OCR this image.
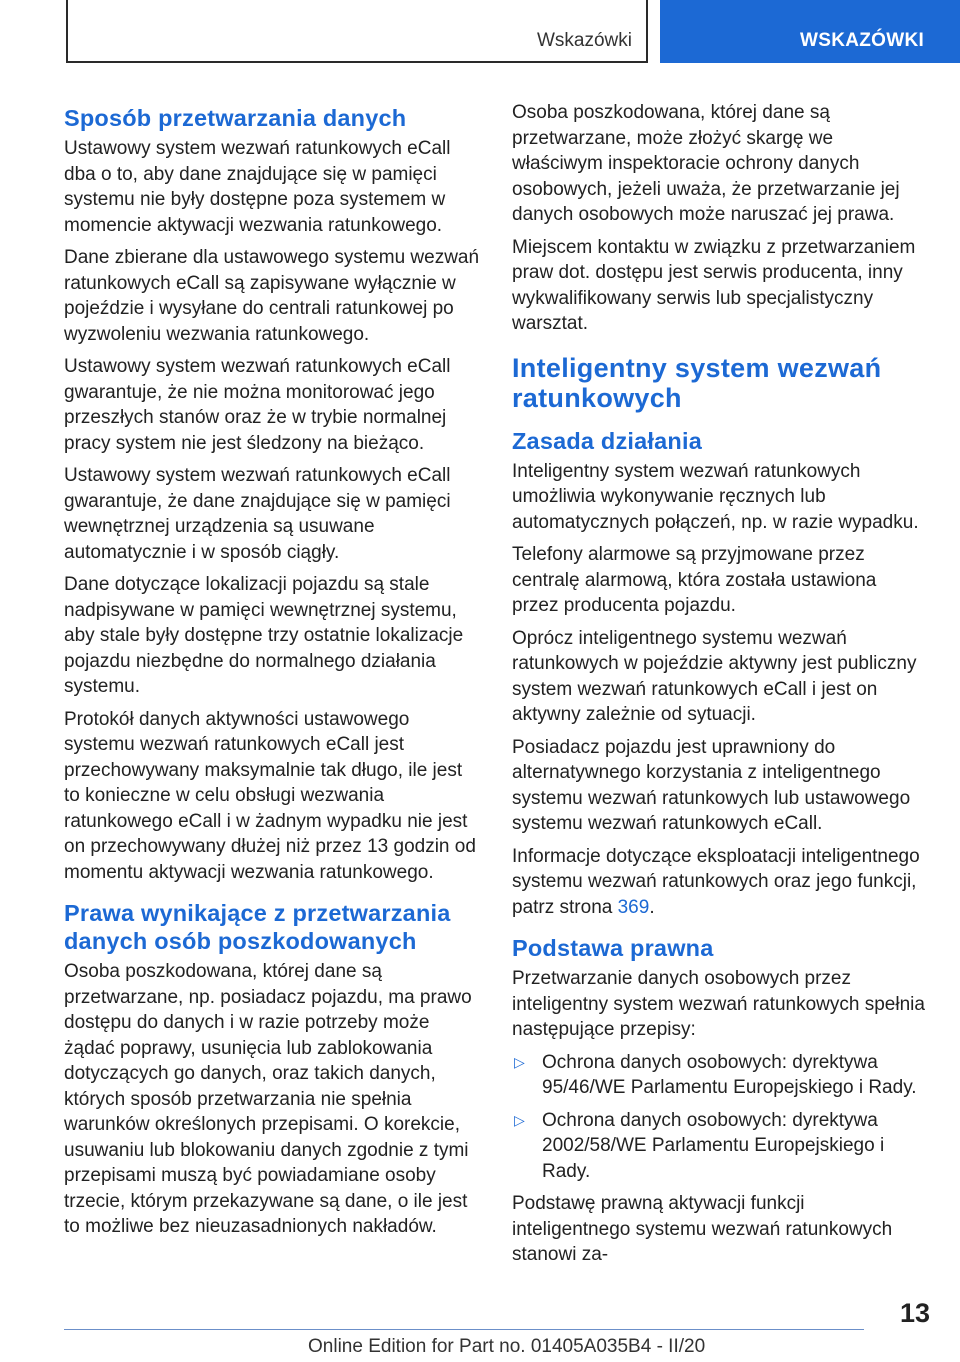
Wskazówki	WSKAZÓWKI
Sposób przetwarzania danych

Ustawowy system wezwań ratunkowych eCall dba o to, aby dane znajdujące się w pamięci systemu nie były dostępne poza systemem w momencie aktywacji wezwania ratunkowego.

Dane zbierane dla ustawowego systemu wezwań ratunkowych eCall są zapisywane wyłącznie w pojeździe i wysyłane do centrali ratunkowej po wyzwoleniu wezwania ratunkowego.

Ustawowy system wezwań ratunkowych eCall gwarantuje, że nie można monitorować jego przeszłych stanów oraz że w trybie normalnej pracy system nie jest śledzony na bieżąco.

Ustawowy system wezwań ratunkowych eCall gwarantuje, że dane znajdujące się w pamięci wewnętrznej urządzenia są usuwane automatycznie i w sposób ciągły.

Dane dotyczące lokalizacji pojazdu są stale nadpisywane w pamięci wewnętrznej systemu, aby stale były dostępne trzy ostatnie lokalizacje pojazdu niezbędne do normalnego działania systemu.

Protokół danych aktywności ustawowego systemu wezwań ratunkowych eCall jest przechowywany maksymalnie tak długo, ile jest to konieczne w celu obsługi wezwania ratunkowego eCall i w żadnym wypadku nie jest on przechowywany dłużej niż przez 13 godzin od momentu aktywacji wezwania ratunkowego.

Prawa wynikające z przetwarzania danych osób poszkodowanych

Osoba poszkodowana, której dane są przetwarzane, np. posiadacz pojazdu, ma prawo dostępu do danych i w razie potrzeby może żądać poprawy, usunięcia lub zablokowania dotyczących go danych, oraz takich danych, których sposób przetwarzania nie spełnia warunków określonych przepisami. O korekcie, usuwaniu lub blokowaniu danych zgodnie z tymi przepisami muszą być powiadamiane osoby trzecie, którym przekazywane są dane, o ile jest to możliwe bez nieuzasadnionych nakładów.

Osoba poszkodowana, której dane są przetwarzane, może złożyć skargę we właściwym inspektoracie ochrony danych osobowych, jeżeli uważa, że przetwarzanie jej danych osobowych może naruszać jej prawa.

Miejscem kontaktu w związku z przetwarzaniem praw dot. dostępu jest serwis producenta, inny wykwalifikowany serwis lub specjalistyczny warsztat.

Inteligentny system wezwań ratunkowych
Zasada działania

Inteligentny system wezwań ratunkowych umożliwia wykonywanie ręcznych lub automatycznych połączeń, np. w razie wypadku.

Telefony alarmowe są przyjmowane przez centralę alarmową, która została ustawiona przez producenta pojazdu.

Oprócz inteligentnego systemu wezwań ratunkowych w pojeździe aktywny jest publiczny system wezwań ratunkowych eCall i jest on aktywny zależnie od sytuacji.

Posiadacz pojazdu jest uprawniony do alternatywnego korzystania z inteligentnego systemu wezwań ratunkowych lub ustawowego systemu wezwań ratunkowych eCall.

Informacje dotyczące eksploatacji inteligentnego systemu wezwań ratunkowych oraz jego funkcji, patrz strona 369.

Podstawa prawna

Przetwarzanie danych osobowych przez inteligentny system wezwań ratunkowych spełnia następujące przepisy:

▷ Ochrona danych osobowych: dyrektywa 95/46/WE Parlamentu Europejskiego i Rady.
▷ Ochrona danych osobowych: dyrektywa 2002/58/WE Parlamentu Europejskiego i Rady.

Podstawę prawną aktywacji funkcji inteligentnego systemu wezwań ratunkowych stanowi za-

13
Online Edition for Part no. 01405A035B4 - II/20
